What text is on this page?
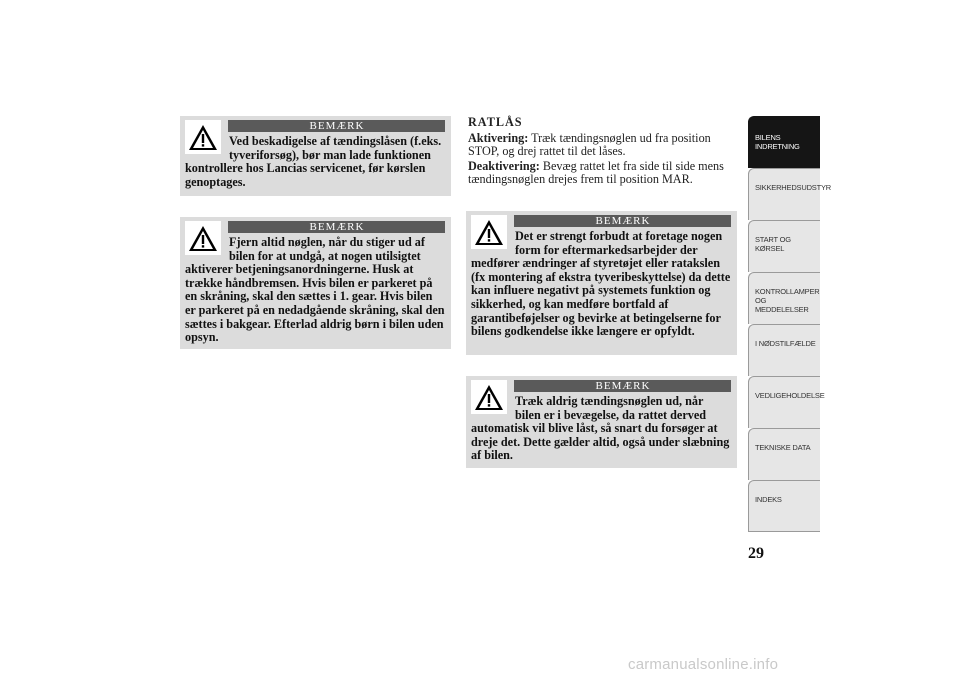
BEMÆRK
Ved beskadigelse af tændingslåsen (f.eks. tyveriforsøg), bør man lade funktionen kontrollere hos Lancias servicenet, før kørslen genoptages.
BEMÆRK
Fjern altid nøglen, når du stiger ud af bilen for at undgå, at nogen utilsigtet aktiverer betjeningsanordningerne. Husk at trække håndbremsen. Hvis bilen er parkeret på en skråning, skal den sættes i 1. gear. Hvis bilen er parkeret på en nedadgående skråning, skal den sættes i bakgear. Efterlad aldrig børn i bilen uden opsyn.
RATLÅS

Aktivering: Træk tændingsnøglen ud fra position STOP, og drej rattet til det låses.

Deaktivering: Bevæg rattet let fra side til side mens tændingsnøglen drejes frem til position MAR.

BEMÆRK
Det er strengt forbudt at foretage nogen form for eftermarkedsarbejder der medfører ændringer af styretøjet eller ratakslen (fx montering af ekstra tyveribeskyttelse) da dette kan influere negativt på systemets funktion og sikkerhed, og kan medføre bortfald af garantibeføjelser og bevirke at betingelserne for bilens godkendelse ikke længere er opfyldt.
BEMÆRK
Træk aldrig tændingsnøglen ud, når bilen er i bevægelse, da rattet derved automatisk vil blive låst, så snart du forsøger at dreje det. Dette gælder altid, også under slæbning af bilen.
BILENS INDRETNING
SIKKERHEDSUDSTYR
START OG KØRSEL
KONTROLLAMPER OG MEDDELELSER
I NØDSTILFÆLDE
VEDLIGEHOLDELSE
TEKNISKE DATA
INDEKS
29
carmanualsonline.info
